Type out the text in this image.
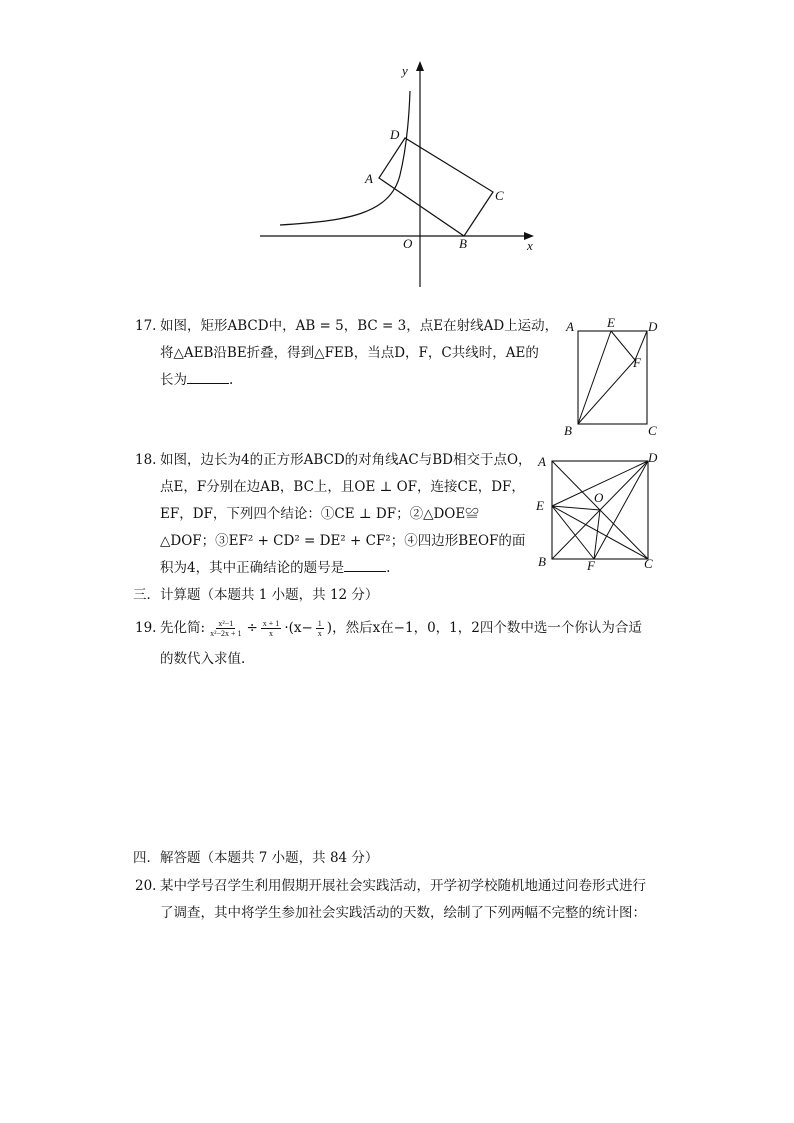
y
x
O
A
B
C
D
17. 如图，矩形ABCD中，AB = 5，BC = 3，点E在射线AD上运动，
将△AEB沿BE折叠，得到△FEB，当点D，F，C共线时，AE的
长为	.
A	E	D
F
B	C
18. 如图，边长为4的正方形ABCD的对角线AC与BD相交于点O，
点E，F分别在边AB，BC上，且OE ⊥ OF，连接CE，DF，
EF，DF，下列四个结论：①CE ⊥ DF；②△DOE≌
△DOF；③EF² + CD² = DE² + CF²；④四边形BEOF的面
积为4，其中正确结论的题号是	.
A	D
O
E
B	F	C
三．计算题（本题共 1 小题，共 12 分）
19. 先化简: $\frac{\text{x²−1}}{\text{x²−2x + 1}} \div \frac{x + 1}{x} \cdot(x- \frac{1}{x}$ )，然后x在−1，0，1，2四个数中选一个你认为合适
的数代入求值.
四．解答题（本题共 7 小题，共 84 分）
20. 某中学号召学生利用假期开展社会实践活动，开学初学校随机地通过问卷形式进行
了调查，其中将学生参加社会实践活动的天数，绘制了下列两幅不完整的统计图：
